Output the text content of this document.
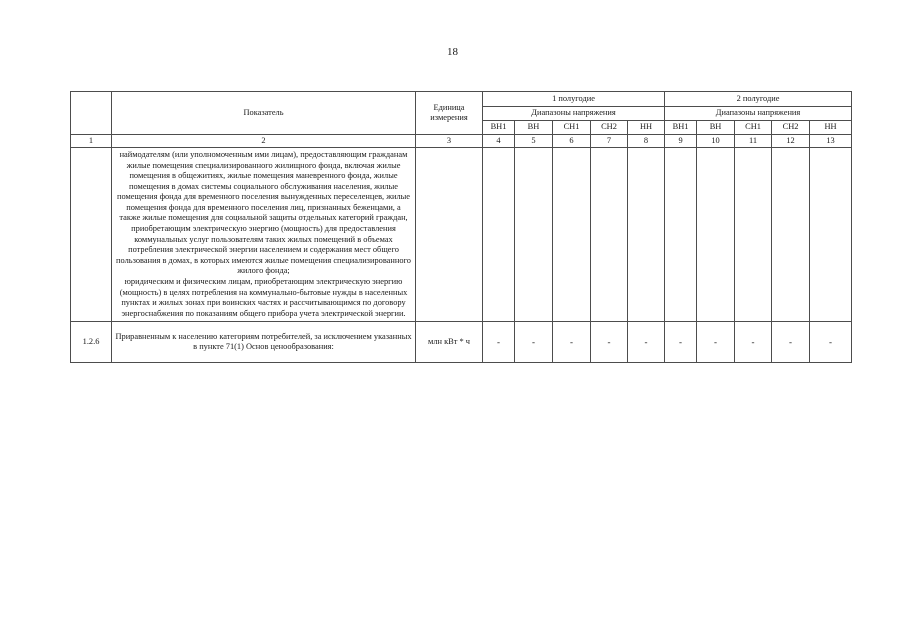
18
	Показатель	Единица измерения	1 полугодие					2 полугодие				
			Диапазоны напряжения					Диапазоны напряжения				
			ВН1	ВН	СН1	СН2	НН	ВН1	ВН	СН1	СН2	НН
1	2	3	4	5	6	7	8	9	10	11	12	13

	наймодателям (или уполномоченным ими лицам), предоставляющим гражданам жилые помещения специализированного жилищного фонда, включая жилые помещения в общежитиях, жилые помещения маневренного фонда, жилые помещения в домах системы социального обслуживания населения, жилые помещения фонда для временного поселения вынужденных переселенцев, жилые помещения фонда для временного поселения лиц, признанных беженцами, а также жилые помещения для социальной защиты отдельных категорий граждан, приобретающим электрическую энергию (мощность) для предоставления коммунальных услуг пользователям таких жилых помещений в объемах потребления электрической энергии населением и содержания мест общего пользования в домах, в которых имеются жилые помещения специализированного жилого фонда;
юридическим и физическим лицам, приобретающим электрическую энергию (мощность) в целях потребления на коммунально-бытовые нужды в населенных пунктах и жилых зонах при воинских частях и рассчитывающимся по договору энергоснабжения по показаниям общего прибора учета электрической энергии.											

1.2.6	Приравненным к населению категориям потребителей, за исключением указанных в пункте 71(1) Основ ценообразования:	млн кВт * ч	-	-	-	-	-	-	-	-	-	-
